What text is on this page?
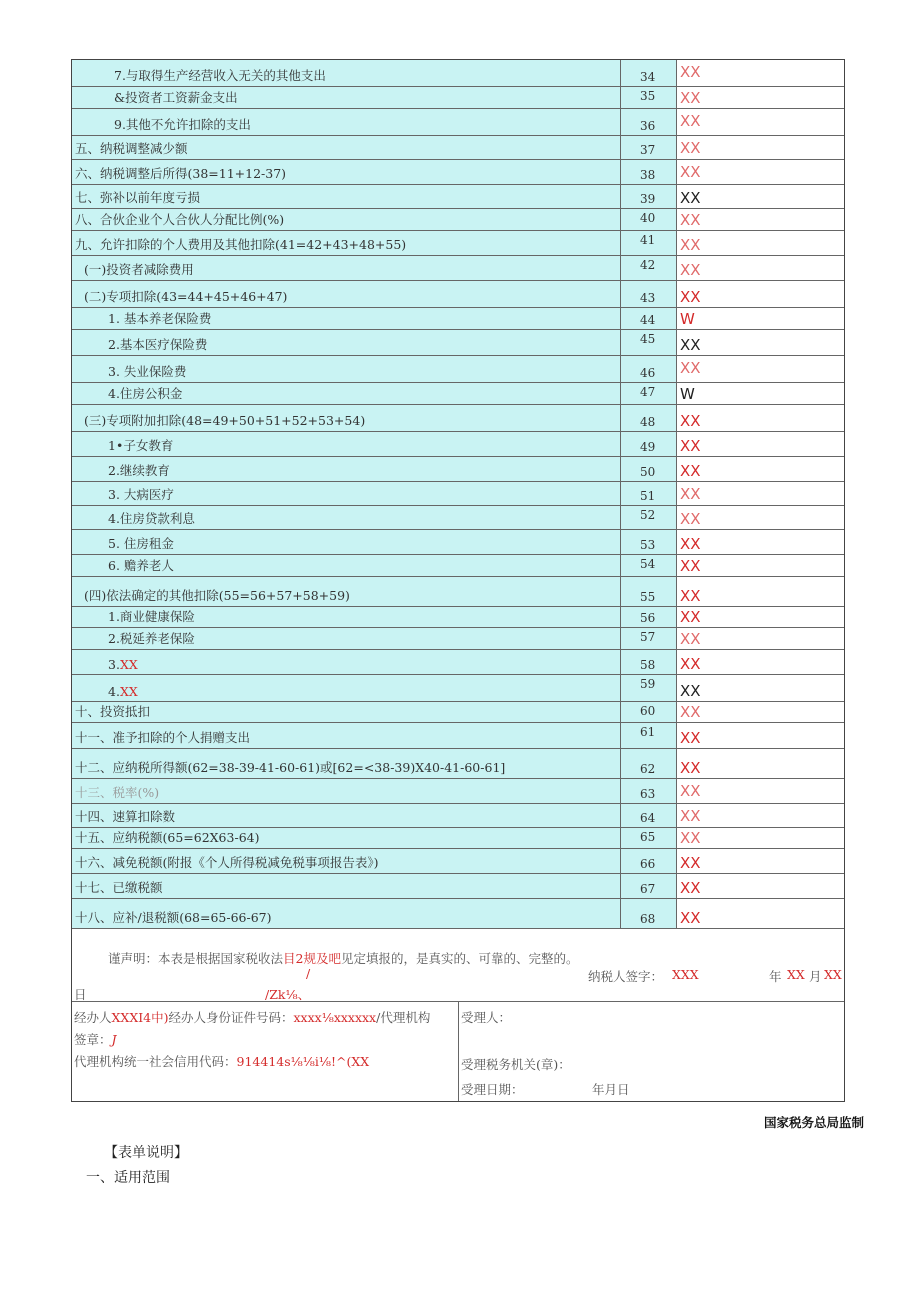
7.与取得生产经营收入无关的其他支出	34 XX
&投资者工资薪金支出	35 XX
9.其他不允许扣除的支出	36 XX
五、纳税调整减少额	37 XX
六、纳税调整后所得(38=11+12-37)	38 XX
七、弥补以前年度亏损	39 XX
八、合伙企业个人合伙人分配比例(%)	40 XX
九、允许扣除的个人费用及其他扣除(41=42+43+48+55)	41 XX
(一)投资者减除费用	42 XX
(二)专项扣除(43=44+45+46+47)	43 XX
1. 基本养老保险费	44 W
2.基本医疗保险费	45 XX
3. 失业保险费	46 XX
4.住房公积金	47 W
(三)专项附加扣除(48=49+50+51+52+53+54)	48 XX
1•子女教育	49 XX
2.继续教育	50 XX
3. 大病医疗	51 XX
4.住房贷款利息	52 XX
5. 住房租金	53 XX
6. 赡养老人	54 XX
(四)依法确定的其他扣除(55=56+57+58+59)	55 XX
1.商业健康保险	56 XX
2.税延养老保险	57 XX
3.XX	58 XX
4.XX	59 XX
十、投资抵扣	60 XX
十一、准予扣除的个人捐赠支出	61 XX
十二、应纳税所得额(62=38-39-41-60-61)或[62=<38-39)X40-41-60-61]	62 XX
十三、税率(%)	63 XX
十四、速算扣除数	64 XX
十五、应纳税额(65=62X63-64)	65 XX
十六、减免税额(附报《个人所得税减免税事项报告表》)	66 XX
十七、已缴税额	67 XX
十八、应补/退税额(68=65-66-67)	68 XX
谨声明：本表是根据国家税收法目2规及吧见定填报的，是真实的、可靠的、完整的。
/	纳税人签字： XXX	年 XX 月 XX
日	/Zk⅛、
经办人XXXI4中)经办人身份证件号码：xxxx⅛xxxxxx/代理机构
签章：J
代理机构统一社会信用代码：914414s⅛⅛i⅛!^(XX
受理人：
受理税务机关(章)：
受理日期：	年月日
国家税务总局监制
【表单说明】
一、适用范围
